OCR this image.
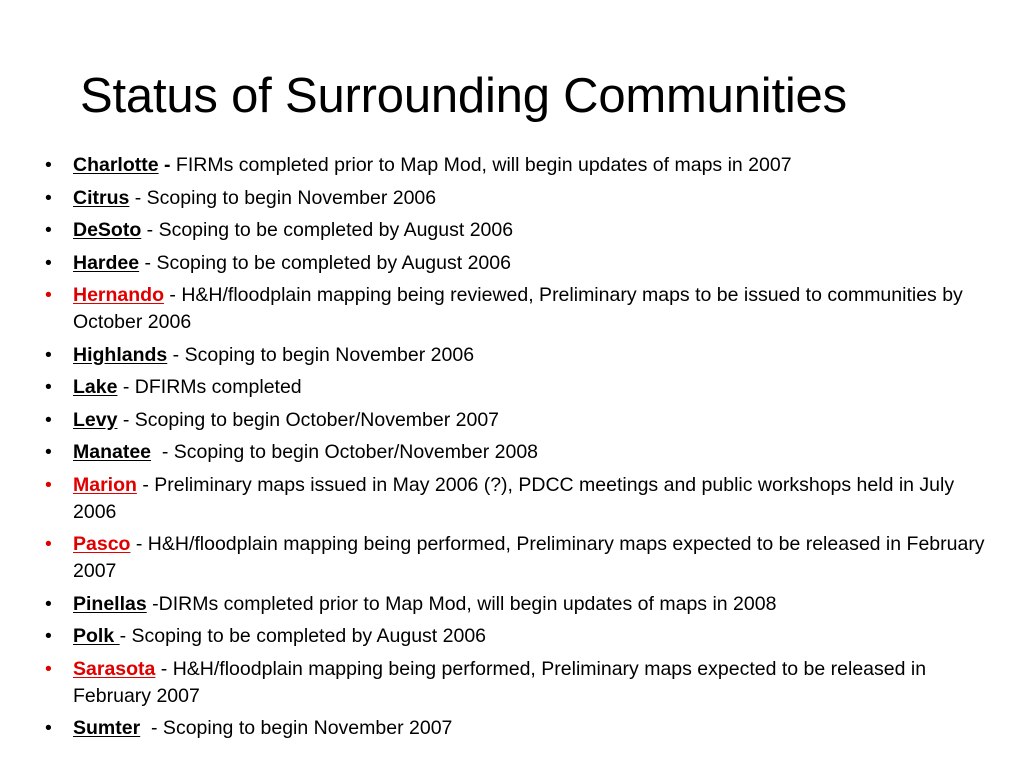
Status of Surrounding Communities
• Charlotte - FIRMs completed prior to Map Mod, will begin updates of maps in 2007
• Citrus - Scoping to begin November 2006
• DeSoto - Scoping to be completed by August 2006
• Hardee - Scoping to be completed by August 2006
• Hernando - H&H/floodplain mapping being reviewed, Preliminary maps to be issued to communities by October 2006
• Highlands - Scoping to begin November 2006
• Lake - DFIRMs completed
• Levy - Scoping to begin October/November 2007
• Manatee  - Scoping to begin October/November 2008
• Marion - Preliminary maps issued in May 2006 (?), PDCC meetings and public workshops held in July 2006
• Pasco - H&H/floodplain mapping being performed, Preliminary maps expected to be released in February 2007
• Pinellas -DIRMs completed prior to Map Mod, will begin updates of maps in 2008
• Polk - Scoping to be completed by August 2006
• Sarasota - H&H/floodplain mapping being performed, Preliminary maps expected to be released in  February 2007
• Sumter  - Scoping to begin November 2007
